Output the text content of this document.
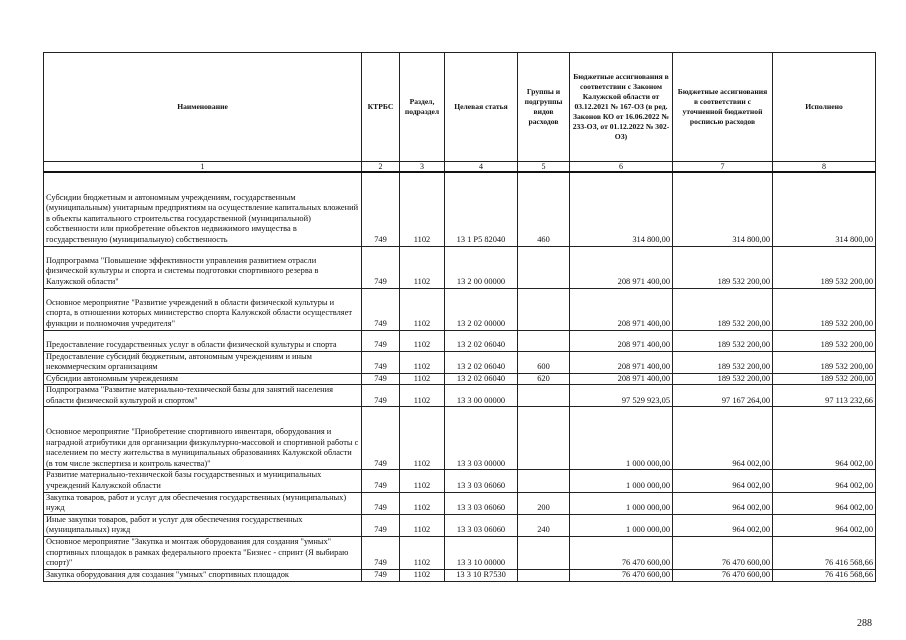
Наименование	КТРБС	Раздел, подраздел	Целевая статья	Группы и подгруппы видов расходов	Бюджетные ассигнования в соответствии с Законом Калужской области от 03.12.2021 № 167-ОЗ (в ред. Законов КО от 16.06.2022 № 233-ОЗ, от 01.12.2022 № 302-ОЗ)	Бюджетные ассигнования в соответствии с уточненной бюджетной росписью расходов	Исполнено
1	2	3	4	5	6	7	8
Субсидии бюджетным и автономным учреждениям, государственным (муниципальным) унитарным предприятиям на осуществление капитальных вложений в объекты капитального строительства государственной (муниципальной) собственности или приобретение объектов недвижимого имущества в государственную (муниципальную) собственность	749	1102	13 1 P5 82040	460	314 800,00	314 800,00	314 800,00
Подпрограмма "Повышение эффективности управления развитием отрасли физической культуры и спорта и системы подготовки спортивного резерва в Калужской области"	749	1102	13 2 00 00000		208 971 400,00	189 532 200,00	189 532 200,00
Основное мероприятие "Развитие учреждений в области физической культуры и спорта, в отношении которых министерство спорта Калужской области осуществляет функции и полномочия учредителя"	749	1102	13 2 02 00000		208 971 400,00	189 532 200,00	189 532 200,00
Предоставление государственных услуг в области физической культуры и спорта	749	1102	13 2 02 06040		208 971 400,00	189 532 200,00	189 532 200,00
Предоставление субсидий бюджетным, автономным учреждениям и иным некоммерческим организациям	749	1102	13 2 02 06040	600	208 971 400,00	189 532 200,00	189 532 200,00
Субсидии автономным учреждениям	749	1102	13 2 02 06040	620	208 971 400,00	189 532 200,00	189 532 200,00
Подпрограмма "Развитие материально-технической базы для занятий населения области физической культурой и спортом"	749	1102	13 3 00 00000		97 529 923,05	97 167 264,00	97 113 232,66
Основное мероприятие "Приобретение спортивного инвентаря, оборудования и наградной атрибутики для организации физкультурно-массовой и спортивной работы с населением по месту жительства в муниципальных образованиях Калужской области (в том числе экспертиза и контроль качества)"	749	1102	13 3 03 00000		1 000 000,00	964 002,00	964 002,00
Развитие материально-технической базы государственных и муниципальных учреждений Калужской области	749	1102	13 3 03 06060		1 000 000,00	964 002,00	964 002,00
Закупка товаров, работ и услуг для обеспечения государственных (муниципальных) нужд	749	1102	13 3 03 06060	200	1 000 000,00	964 002,00	964 002,00
Иные закупки товаров, работ и услуг для обеспечения государственных (муниципальных) нужд	749	1102	13 3 03 06060	240	1 000 000,00	964 002,00	964 002,00
Основное мероприятие "Закупка и монтаж оборудования для создания "умных" спортивных площадок в рамках федерального проекта "Бизнес - спринт (Я выбираю спорт)"	749	1102	13 3 10 00000		76 470 600,00	76 470 600,00	76 416 568,66
Закупка оборудования для создания "умных" спортивных площадок	749	1102	13 3 10 R7530		76 470 600,00	76 470 600,00	76 416 568,66
288
